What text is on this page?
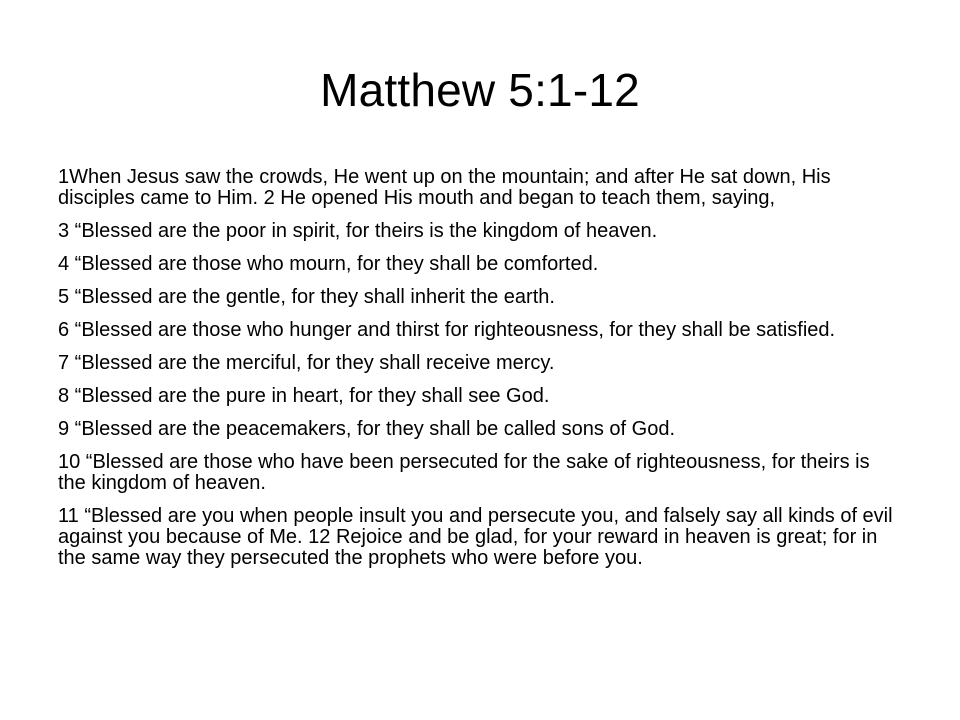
Matthew 5:1-12
1When Jesus saw the crowds, He went up on the mountain; and after He sat down, His disciples came to Him. 2 He opened His mouth and began to teach them, saying,
3 “Blessed are the poor in spirit, for theirs is the kingdom of heaven.
4 “Blessed are those who mourn, for they shall be comforted.
5 “Blessed are the gentle, for they shall inherit the earth.
6 “Blessed are those who hunger and thirst for righteousness, for they shall be satisfied.
7 “Blessed are the merciful, for they shall receive mercy.
8 “Blessed are the pure in heart, for they shall see God.
9 “Blessed are the peacemakers, for they shall be called sons of God.
10 “Blessed are those who have been persecuted for the sake of righteousness, for theirs is the kingdom of heaven.
11 “Blessed are you when people insult you and persecute you, and falsely say all kinds of evil against you because of Me. 12 Rejoice and be glad, for your reward in heaven is great; for in the same way they persecuted the prophets who were before you.
